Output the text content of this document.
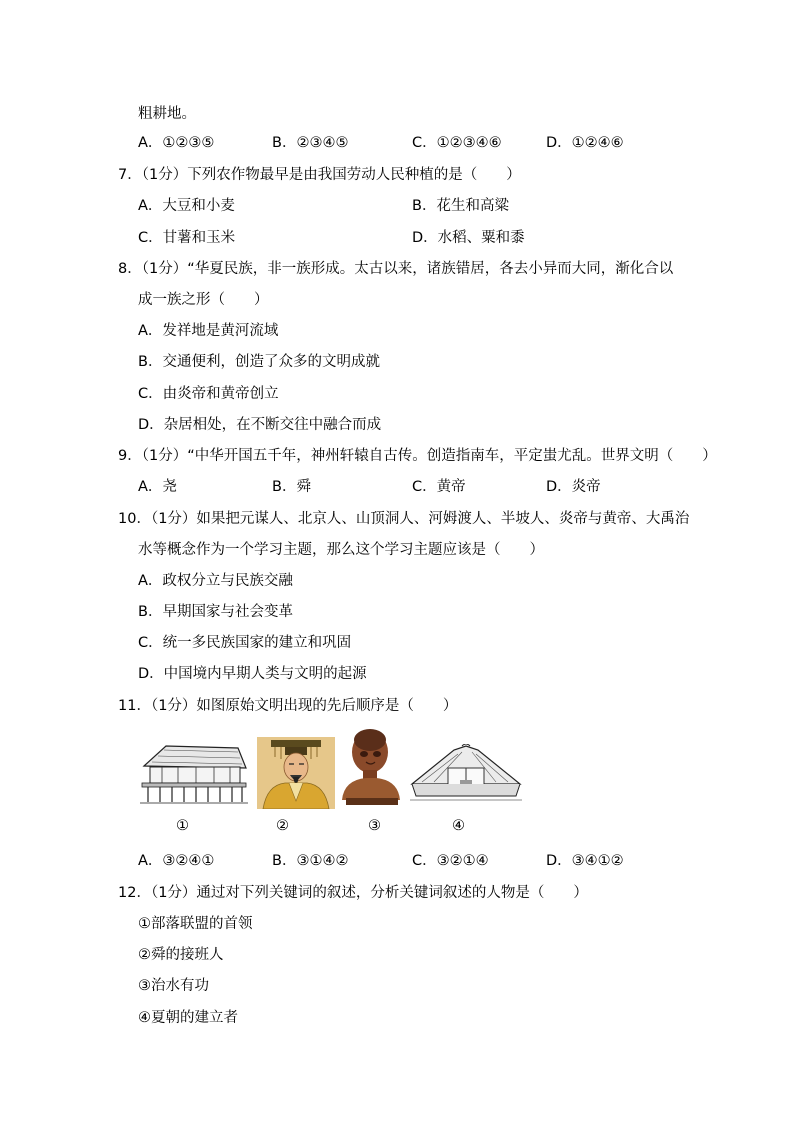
粗耕地。
A．①②③⑤	B．②③④⑤	C．①②③④⑥	D．①②④⑥
7．（1分）下列农作物最早是由我国劳动人民种植的是（　　）
A．大豆和小麦	B．花生和高粱
C．甘薯和玉米	D．水稻、粟和黍
8．（1分）“华夏民族，非一族形成。太古以来，诸族错居，各去小异而大同，渐化合以
成一族之形（　　）
A．发祥地是黄河流域
B．交通便利，创造了众多的文明成就
C．由炎帝和黄帝创立
D．杂居相处，在不断交往中融合而成
9．（1分）“中华开国五千年，神州轩辕自古传。创造指南车，平定蚩尤乱。世界文明（　　）
A．尧	B．舜	C．黄帝	D．炎帝
10．（1分）如果把元谋人、北京人、山顶洞人、河姆渡人、半坡人、炎帝与黄帝、大禹治
水等概念作为一个学习主题，那么这个学习主题应该是（　　）
A．政权分立与民族交融
B．早期国家与社会变革
C．统一多民族国家的建立和巩固
D．中国境内早期人类与文明的起源
11．（1分）如图原始文明出现的先后顺序是（　　）
①	②	③	④
A．③②④①	B．③①④②	C．③②①④	D．③④①②
12．（1分）通过对下列关键词的叙述，分析关键词叙述的人物是（　　）
①部落联盟的首领
②舜的接班人
③治水有功
④夏朝的建立者
